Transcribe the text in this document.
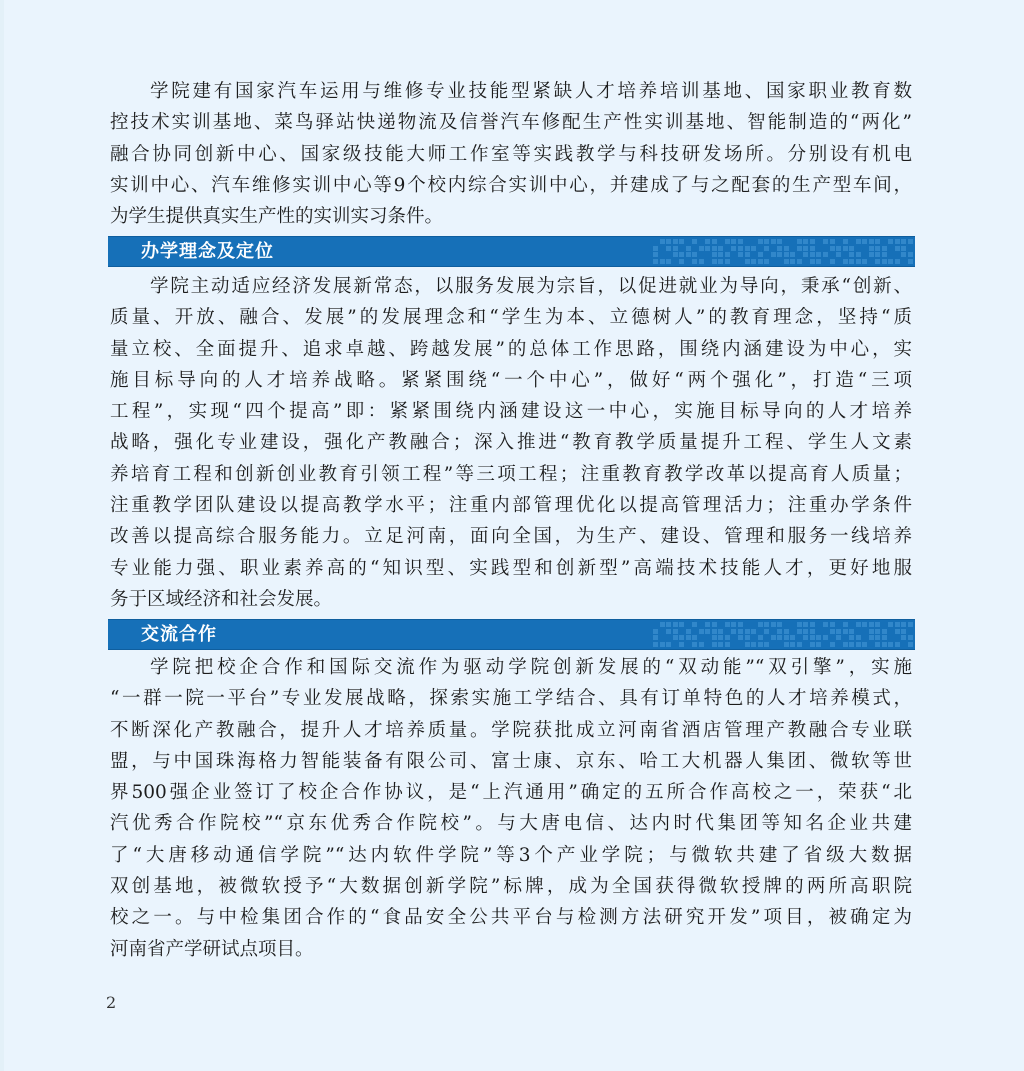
学院建有国家汽车运用与维修专业技能型紧缺人才培养培训基地、国家职业教育数
控技术实训基地、菜鸟驿站快递物流及信誉汽车修配生产性实训基地、智能制造的“两化”
融合协同创新中心、国家级技能大师工作室等实践教学与科技研发场所。分别设有机电
实训中心、汽车维修实训中心等9个校内综合实训中心，并建成了与之配套的生产型车间，
为学生提供真实生产性的实训实习条件。
办学理念及定位
学院主动适应经济发展新常态，以服务发展为宗旨，以促进就业为导向，秉承“创新、
质量、开放、融合、发展”的发展理念和“学生为本、立德树人”的教育理念，坚持“质
量立校、全面提升、追求卓越、跨越发展”的总体工作思路，围绕内涵建设为中心，实
施目标导向的人才培养战略。紧紧围绕“一个中心”，做好“两个强化”，打造“三项
工程”，实现“四个提高”即：紧紧围绕内涵建设这一中心，实施目标导向的人才培养
战略，强化专业建设，强化产教融合；深入推进“教育教学质量提升工程、学生人文素
养培育工程和创新创业教育引领工程”等三项工程；注重教育教学改革以提高育人质量；
注重教学团队建设以提高教学水平；注重内部管理优化以提高管理活力；注重办学条件
改善以提高综合服务能力。立足河南，面向全国，为生产、建设、管理和服务一线培养
专业能力强、职业素养高的“知识型、实践型和创新型”高端技术技能人才，更好地服
务于区域经济和社会发展。
交流合作
学院把校企合作和国际交流作为驱动学院创新发展的“双动能”“双引擎”，实施
“一群一院一平台”专业发展战略，探索实施工学结合、具有订单特色的人才培养模式，
不断深化产教融合，提升人才培养质量。学院获批成立河南省酒店管理产教融合专业联
盟，与中国珠海格力智能装备有限公司、富士康、京东、哈工大机器人集团、微软等世
界500强企业签订了校企合作协议，是“上汽通用”确定的五所合作高校之一，荣获“北
汽优秀合作院校”“京东优秀合作院校”。与大唐电信、达内时代集团等知名企业共建
了“大唐移动通信学院”“达内软件学院”等3个产业学院；与微软共建了省级大数据
双创基地，被微软授予“大数据创新学院”标牌，成为全国获得微软授牌的两所高职院
校之一。与中检集团合作的“食品安全公共平台与检测方法研究开发”项目，被确定为
河南省产学研试点项目。
2
